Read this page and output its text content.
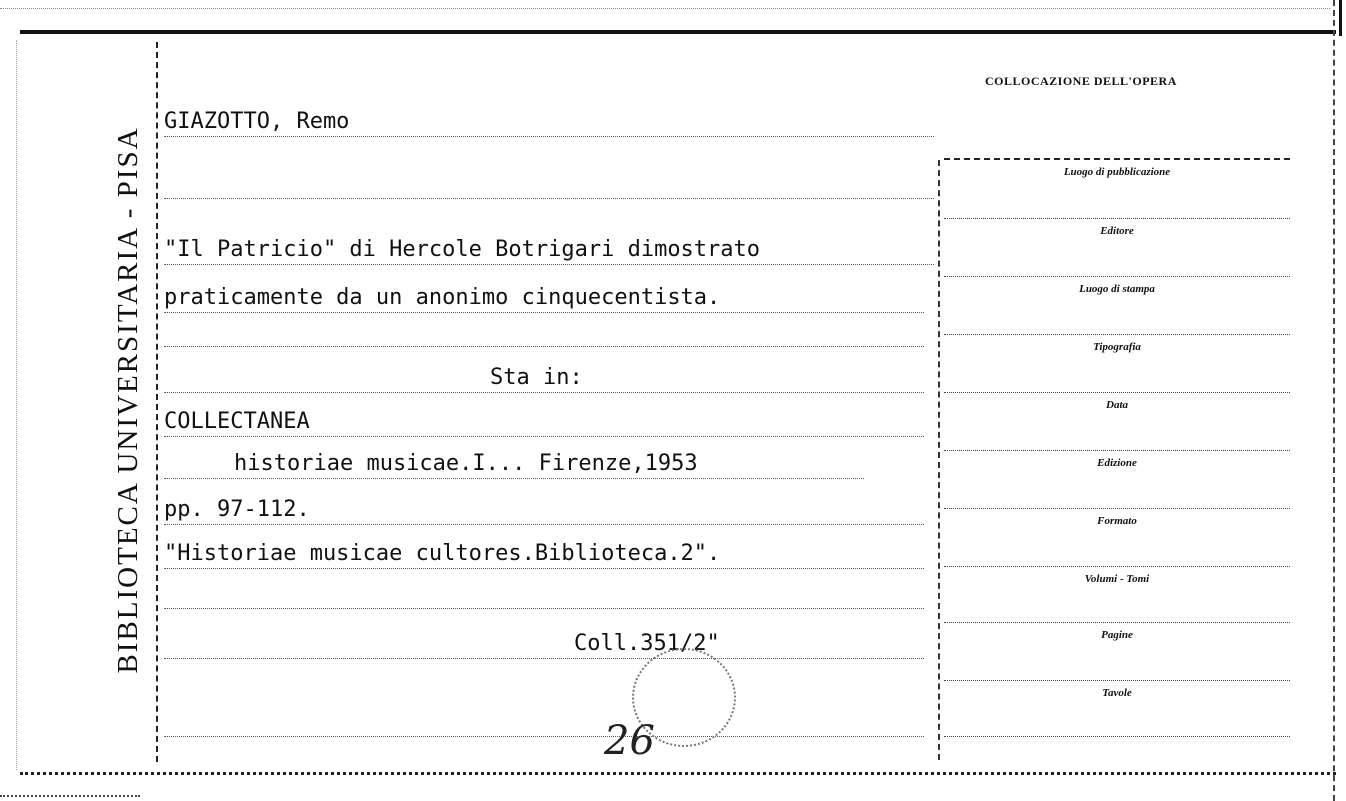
BIBLIOTECA UNIVERSITARIA - PISA
GIAZOTTO, Remo
"Il Patricio" di Hercole Botrigari dimostrato
praticamente da un anonimo cinquecentista.
Sta in:
COLLECTANEA
historiae musicae.I... Firenze,1953
pp. 97-112.
"Historiae musicae cultores.Biblioteca.2".
Coll.351/2"
COLLOCAZIONE DELL'OPERA
Luogo di pubblicazione
Editore
Luogo di stampa
Tipografia
Data
Edizione
Formato
Volumi - Tomi
Pagine
Tavole
26
